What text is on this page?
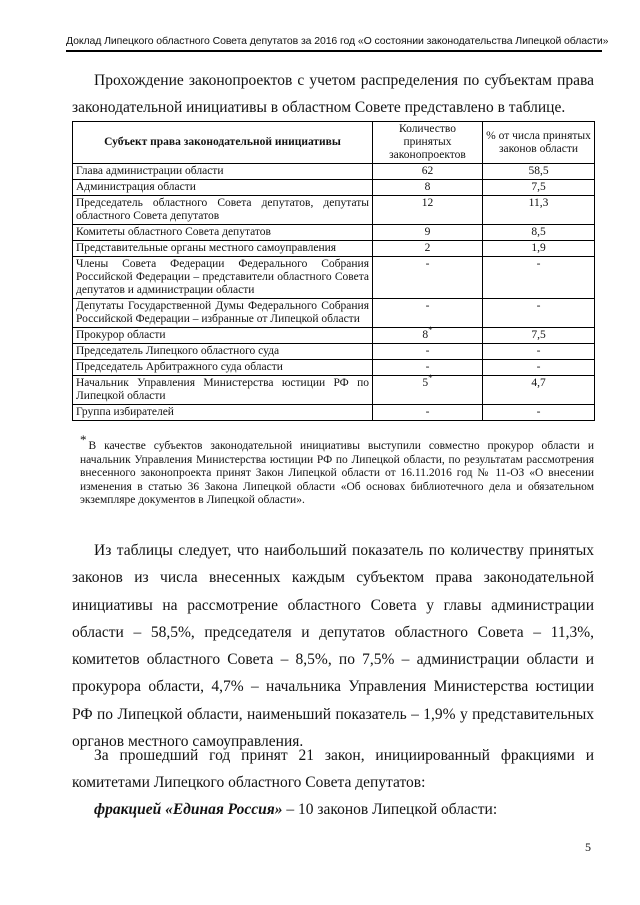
Доклад Липецкого областного Совета депутатов за 2016 год «О состоянии законодательства Липецкой области»

Прохождение законопроектов с учетом распределения по субъектам права законодательной инициативы в областном Совете представлено в таблице.

Субъект права законодательной инициативы	Количество принятых законопроектов	% от числа принятых законов области
Глава администрации области	62	58,5
Администрация области	8	7,5
Председатель областного Совета депутатов, депутаты областного Совета депутатов	12	11,3
Комитеты областного Совета депутатов	9	8,5
Представительные органы местного самоуправления	2	1,9
Члены Совета Федерации Федерального Собрания Российской Федерации – представители областного Совета депутатов и администрации области	-	-
Депутаты Государственной Думы Федерального Собрания Российской Федерации – избранные от Липецкой области	-	-
Прокурор области	8*	7,5
Председатель Липецкого областного суда	-	-
Председатель Арбитражного суда области	-	-
Начальник Управления Министерства юстиции РФ по Липецкой области	5*	4,7
Группа избирателей	-	-

* В качестве субъектов законодательной инициативы выступили совместно прокурор области и начальник Управления Министерства юстиции РФ по Липецкой области, по результатам рассмотрения внесенного законопроекта принят Закон Липецкой области от 16.11.2016 год № 11-ОЗ «О внесении изменения в статью 36 Закона Липецкой области «Об основах библиотечного дела и обязательном экземпляре документов в Липецкой области».

Из таблицы следует, что наибольший показатель по количеству принятых законов из числа внесенных каждым субъектом права законодательной инициативы на рассмотрение областного Совета у главы администрации области – 58,5%, председателя и депутатов областного Совета – 11,3%, комитетов областного Совета – 8,5%, по 7,5% – администрации области и прокурора области, 4,7% – начальника Управления Министерства юстиции РФ по Липецкой области, наименьший показатель – 1,9% у представительных органов местного самоуправления.

За прошедший год принят 21 закон, инициированный фракциями и комитетами Липецкого областного Совета депутатов:

фракцией «Единая Россия» – 10 законов Липецкой области:

5
